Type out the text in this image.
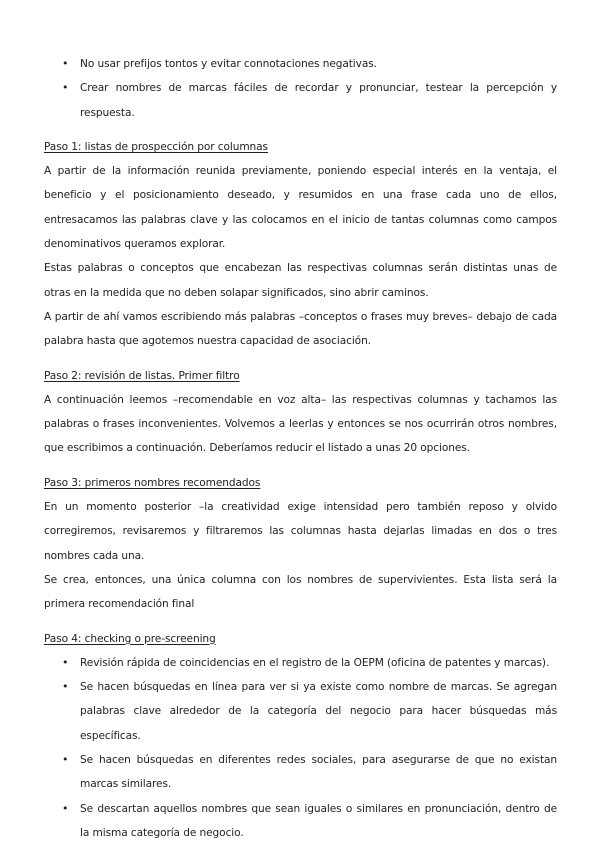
• No usar prefijos tontos y evitar connotaciones negativas.
• Crear nombres de marcas fáciles de recordar y pronunciar, testear la percepción y respuesta.
Paso 1: listas de prospección por columnas

A partir de la información reunida previamente, poniendo especial interés en la ventaja, el beneficio y el posicionamiento deseado, y resumidos en una frase cada uno de ellos, entresacamos las palabras clave y las colocamos en el inicio de tantas columnas como campos denominativos queramos explorar.

Estas palabras o conceptos que encabezan las respectivas columnas serán distintas unas de otras en la medida que no deben solapar significados, sino abrir caminos.

A partir de ahí vamos escribiendo más palabras –conceptos o frases muy breves– debajo de cada palabra hasta que agotemos nuestra capacidad de asociación.

Paso 2: revisión de listas. Primer filtro

A continuación leemos –recomendable en voz alta– las respectivas columnas y tachamos las palabras o frases inconvenientes. Volvemos a leerlas y entonces se nos ocurrirán otros nombres, que escribimos a continuación. Deberíamos reducir el listado a unas 20 opciones.

Paso 3: primeros nombres recomendados

En un momento posterior –la creatividad exige intensidad pero también reposo y olvido corregiremos, revisaremos y filtraremos las columnas hasta dejarlas limadas en dos o tres nombres cada una.

Se crea, entonces, una única columna con los nombres de supervivientes. Esta lista será la primera recomendación final

Paso 4: checking o pre-screening
• Revisión rápida de coincidencias en el registro de la OEPM (oficina de patentes y marcas).
• Se hacen búsquedas en línea para ver si ya existe como nombre de marcas. Se agregan palabras clave alrededor de la categoría del negocio para hacer búsquedas más específicas.
• Se hacen búsquedas en diferentes redes sociales, para asegurarse de que no existan marcas similares.
• Se descartan aquellos nombres que sean iguales o similares en pronunciación, dentro de la misma categoría de negocio.
